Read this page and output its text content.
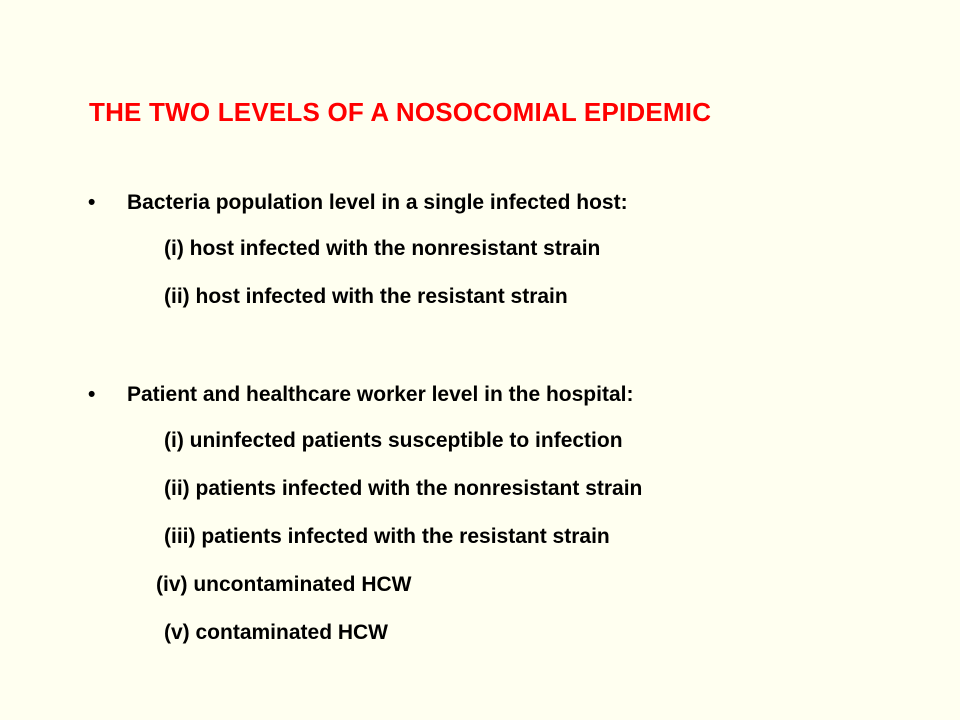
THE TWO LEVELS OF A NOSOCOMIAL EPIDEMIC
• Bacteria population level in a single infected host:
(i) host infected with the nonresistant strain
(ii) host infected with the resistant strain
• Patient and healthcare worker level in the hospital:
(i) uninfected patients susceptible to infection
(ii) patients infected with the nonresistant strain
(iii) patients infected with the resistant strain
(iv) uncontaminated HCW
(v) contaminated HCW
